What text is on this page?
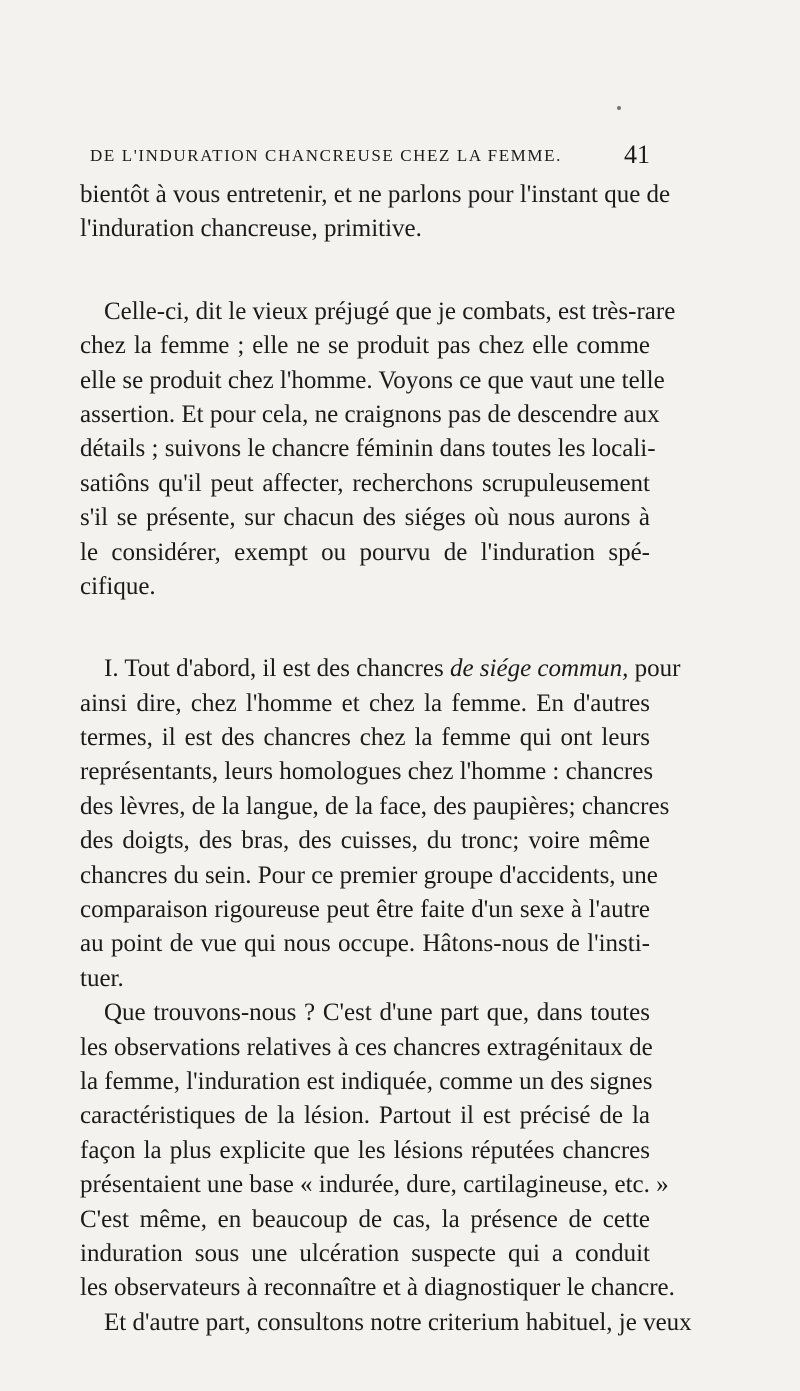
DE L'INDURATION CHANCREUSE CHEZ LA FEMME. 41
bientôt à vous entretenir, et ne parlons pour l'instant que de
l'induration chancreuse, primitive.
Celle-ci, dit le vieux préjugé que je combats, est très-rare
chez la femme ; elle ne se produit pas chez elle comme
elle se produit chez l'homme. Voyons ce que vaut une telle
assertion. Et pour cela, ne craignons pas de descendre aux
détails ; suivons le chancre féminin dans toutes les locali-
satiôns qu'il peut affecter, recherchons scrupuleusement
s'il se présente, sur chacun des siéges où nous aurons à
le considérer, exempt ou pourvu de l'induration spé-
cifique.
I. Tout d'abord, il est des chancres de siége commun, pour
ainsi dire, chez l'homme et chez la femme. En d'autres
termes, il est des chancres chez la femme qui ont leurs
représentants, leurs homologues chez l'homme : chancres
des lèvres, de la langue, de la face, des paupières; chancres
des doigts, des bras, des cuisses, du tronc; voire même
chancres du sein. Pour ce premier groupe d'accidents, une
comparaison rigoureuse peut être faite d'un sexe à l'autre
au point de vue qui nous occupe. Hâtons-nous de l'insti-
tuer.
Que trouvons-nous ? C'est d'une part que, dans toutes
les observations relatives à ces chancres extragénitaux de
la femme, l'induration est indiquée, comme un des signes
caractéristiques de la lésion. Partout il est précisé de la
façon la plus explicite que les lésions réputées chancres
présentaient une base « indurée, dure, cartilagineuse, etc. »
C'est même, en beaucoup de cas, la présence de cette
induration sous une ulcération suspecte qui a conduit
les observateurs à reconnaître et à diagnostiquer le chancre.
Et d'autre part, consultons notre criterium habituel, je veux
